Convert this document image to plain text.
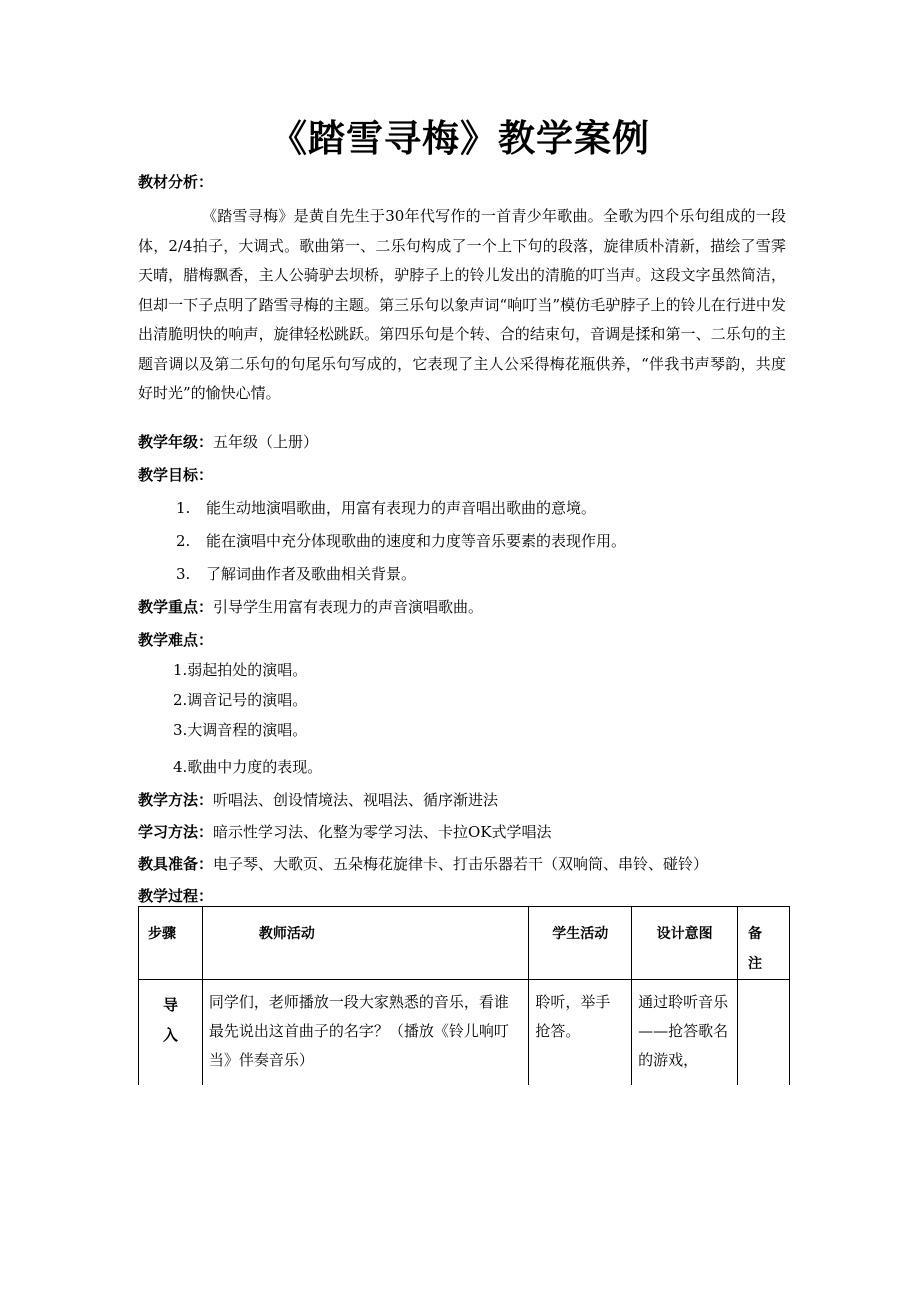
《踏雪寻梅》教学案例
教材分析：

《踏雪寻梅》是黄自先生于30年代写作的一首青少年歌曲。全歌为四个乐句组成的一段体，2/4拍子，大调式。歌曲第一、二乐句构成了一个上下句的段落，旋律质朴清新，描绘了雪霁天晴，腊梅飘香，主人公骑驴去坝桥，驴脖子上的铃儿发出的清脆的叮当声。这段文字虽然简洁，但却一下子点明了踏雪寻梅的主题。第三乐句以象声词“响叮当”模仿毛驴脖子上的铃儿在行进中发出清脆明快的响声，旋律轻松跳跃。第四乐句是个转、合的结束句，音调是揉和第一、二乐句的主题音调以及第二乐句的句尾乐句写成的，它表现了主人公采得梅花瓶供养，“伴我书声琴韵，共度好时光”的愉快心情。

教学年级：五年级（上册）
教学目标：
1. 能生动地演唱歌曲，用富有表现力的声音唱出歌曲的意境。
2. 能在演唱中充分体现歌曲的速度和力度等音乐要素的表现作用。
3. 了解词曲作者及歌曲相关背景。
教学重点：引导学生用富有表现力的声音演唱歌曲。
教学难点：
1.弱起拍处的演唱。
2.调音记号的演唱。
3.大调音程的演唱。
4.歌曲中力度的表现。
教学方法：听唱法、创设情境法、视唱法、循序渐进法
学习方法：暗示性学习法、化整为零学习法、卡拉OK式学唱法
教具准备：电子琴、大歌页、五朵梅花旋律卡、打击乐器若干（双响筒、串铃、碰铃）
教学过程：
步骤	教师活动	学生活动	设计意图	备注

导入	同学们，老师播放一段大家熟悉的音乐，看谁最先说出这首曲子的名字？（播放《铃儿响叮当》伴奏音乐）	聆听，举手抢答。	通过聆听音乐——抢答歌名的游戏，	
